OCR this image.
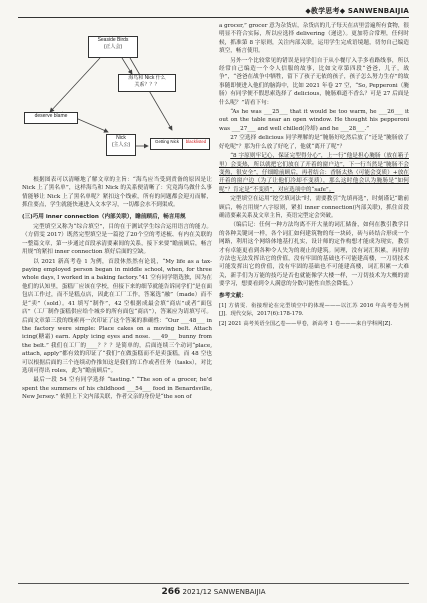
◆教学思考◆ SANWENBAIJIA
Seaside Birds
(正人会)
deserve blame
海鸟和 Nick 什么
关系？？？
Nick
(主人公)	Getting Nick	blacklisted

根据图表可以清晰地了解文章的主旨：“海鸟应当受到責备的原因是让 Nick 上了黑名单”，这样海鸟和 Nick 的关系便清晰了：究竟海鸟做什么事情能够让 Nick 上了黑名单呢？紧扣这个线索，所有的问题都会迎刃而解，抓住要点，学生就能快速进入文本学习，一切都会水不到渠成。

(三)巧用 inner connection（内部关联），瞻前顾后，畅言用规

完型填空又称为“综合填空”，目的在于测试学生综合运用语言的能力。（方倩雯 2017）既然完型填空是一篇挖了20个空的考述梳、有内在关联的一整篇文章，第一步通过首段承清要素间的关系，接下来要“瞻前顾后，畅言用规”的紧扣 inner connection 填好后面的空缺。

以 2021 新高考卷 1 为例，首段休然然有论说，“My life as a tax-paying employed person began in middle school, when, for three whole days, I worked in a baking factory.”41 空有同学错选独，因为在他们的认知里，蛋糕厂应该在学校，但接下来的细节就能告诉同学们“是在面包店工作过，而不是糕点店，因此在工厂工作，答案选“融”（made）而不是“卖”（sold）。41 填写“制作”，42 空根据成最会填“商店”或者“面包店”（工厂制作蛋糕供应给个城乡的所有面包“商店”），答案应为请填写可。后面文章第三段的线索再一次印证了这个答案的准确性：“Our ___48___ in the factory were simple: Place cakes on a moving belt. Attach icing(糖霜) earn. Apply icing eyes and nose. ___49___ bunny from the belt.” 我们在工厂的____？？？是简单的，后面连续三个动词“place, attach, apply”都有效的印证了“我们”在做蛋糕而不是卖蛋糕，而 48 空也可以根据后面的三个连续动作推知这是我们的工作或者任务（tasks），对比选项可得出 roles，此为“瞻前顾后”。

最后一段 54 空有同学选择 “tasting.” “The son of a grocer, he’d spent the summers of his childhood ___54___ food in Benardsville, New Jersey.” 依照上下文内部关联，作者父亲的身份是“the son of

a grocer,” grocer 意为杂货店，杂货店的儿子每天在店里尝遍所有食物，很明显不符合实际，所以应选择 delivering（递送）。更加符合常理，任何时候，抓准第 8 字原则，关注内部关联，运用学生完成语境题，切勿自己编造填空，畅言使用。

另外一个比较常见的错误是同学们自于从小餐厅入手多看路线事，所以经常自己编造一个令人信服的故事，比如文章第四段“爸爸，儿子，战争”，“爸爸在战争中牺牲，留下了孩子无依的孩子，孩子怎么努力生存”的故事随即便进入他们的脑海中，比如 2021 年卷 27 空，“So, Pepperoni（腌肠）有同学便不假思索选择了 delicious，腌肠难道不香么？可是 27 后面是什么呢？”请看下句：

“As he was ___25___ that it would be too warm, he ___26___ it out on the table near an open window. He thought his pepperoni was ___27___ and well chilled(冷却) and he ___28___.”

27 空选择 delicious 同学理解的是“腌肠好吃然后放了”还是“腌肠放了好吃呢”？那为什么放了好吃了，他就“离开了呢”？

“8 字原则牢记心，保证完型得分心”，上一行“他是担心腌肠（放在箱子里）会变热，所以就把它们放在了开着的窗户边”，下一行当然是“腌肠不会变热，很安全”，仔细瞻前顾后，再者结合：香肠太热（可能会变质）+放在开着的窗户边（为了让他们冷却不变质），那么这时他会认为腌肠是“如何呢”？肯定是“不变质”，对应选项中的“safe”。

完型填空在运用“挖空填词法”时，需要教引“先填再选”，时刻谨记“瞻前顾后，畅言用规”八字原则，紧扣 inner connection(内部关联)，抓住首段确清要素关系及文章主旨，英语完型定会突破。

（编后记：任何一种方法均离不开大量的词汇储备，如何在教引教学目的各种关键词一样，各个词汇如何建筑物的每一块砖，砖与砖结合形成一个网路，利用这个网络体地基打扎实，设计师的定作构想才能成为现实，教引才有卓能更看到各种令人失为的观止的建筑。同理，没有词汇积累，再好的方法也无法发挥出它的价值，没有牢固的基础也不可能建高楼，一刀切技术可能发挥出它的价值，没有牢固的基础也不可能建高楼，词汇积累一大难关，新手们为万能的技巧是否也就能像学大楼一样，一刀切技术为大概的需要学习，想要看到令人满意的分数可能性自然会降低。）

参考文献：

[1] 方倩雯．衔接理论在完型填空中的体现———以江苏 2016 年高考卷为例[J]．现代交际，2017(6):178-179.

[2] 2021 高考英语全国乙卷——甲卷，新高考 1 卷———来自学科网[Z].

266 2021/12 SANWENBAIJIA
